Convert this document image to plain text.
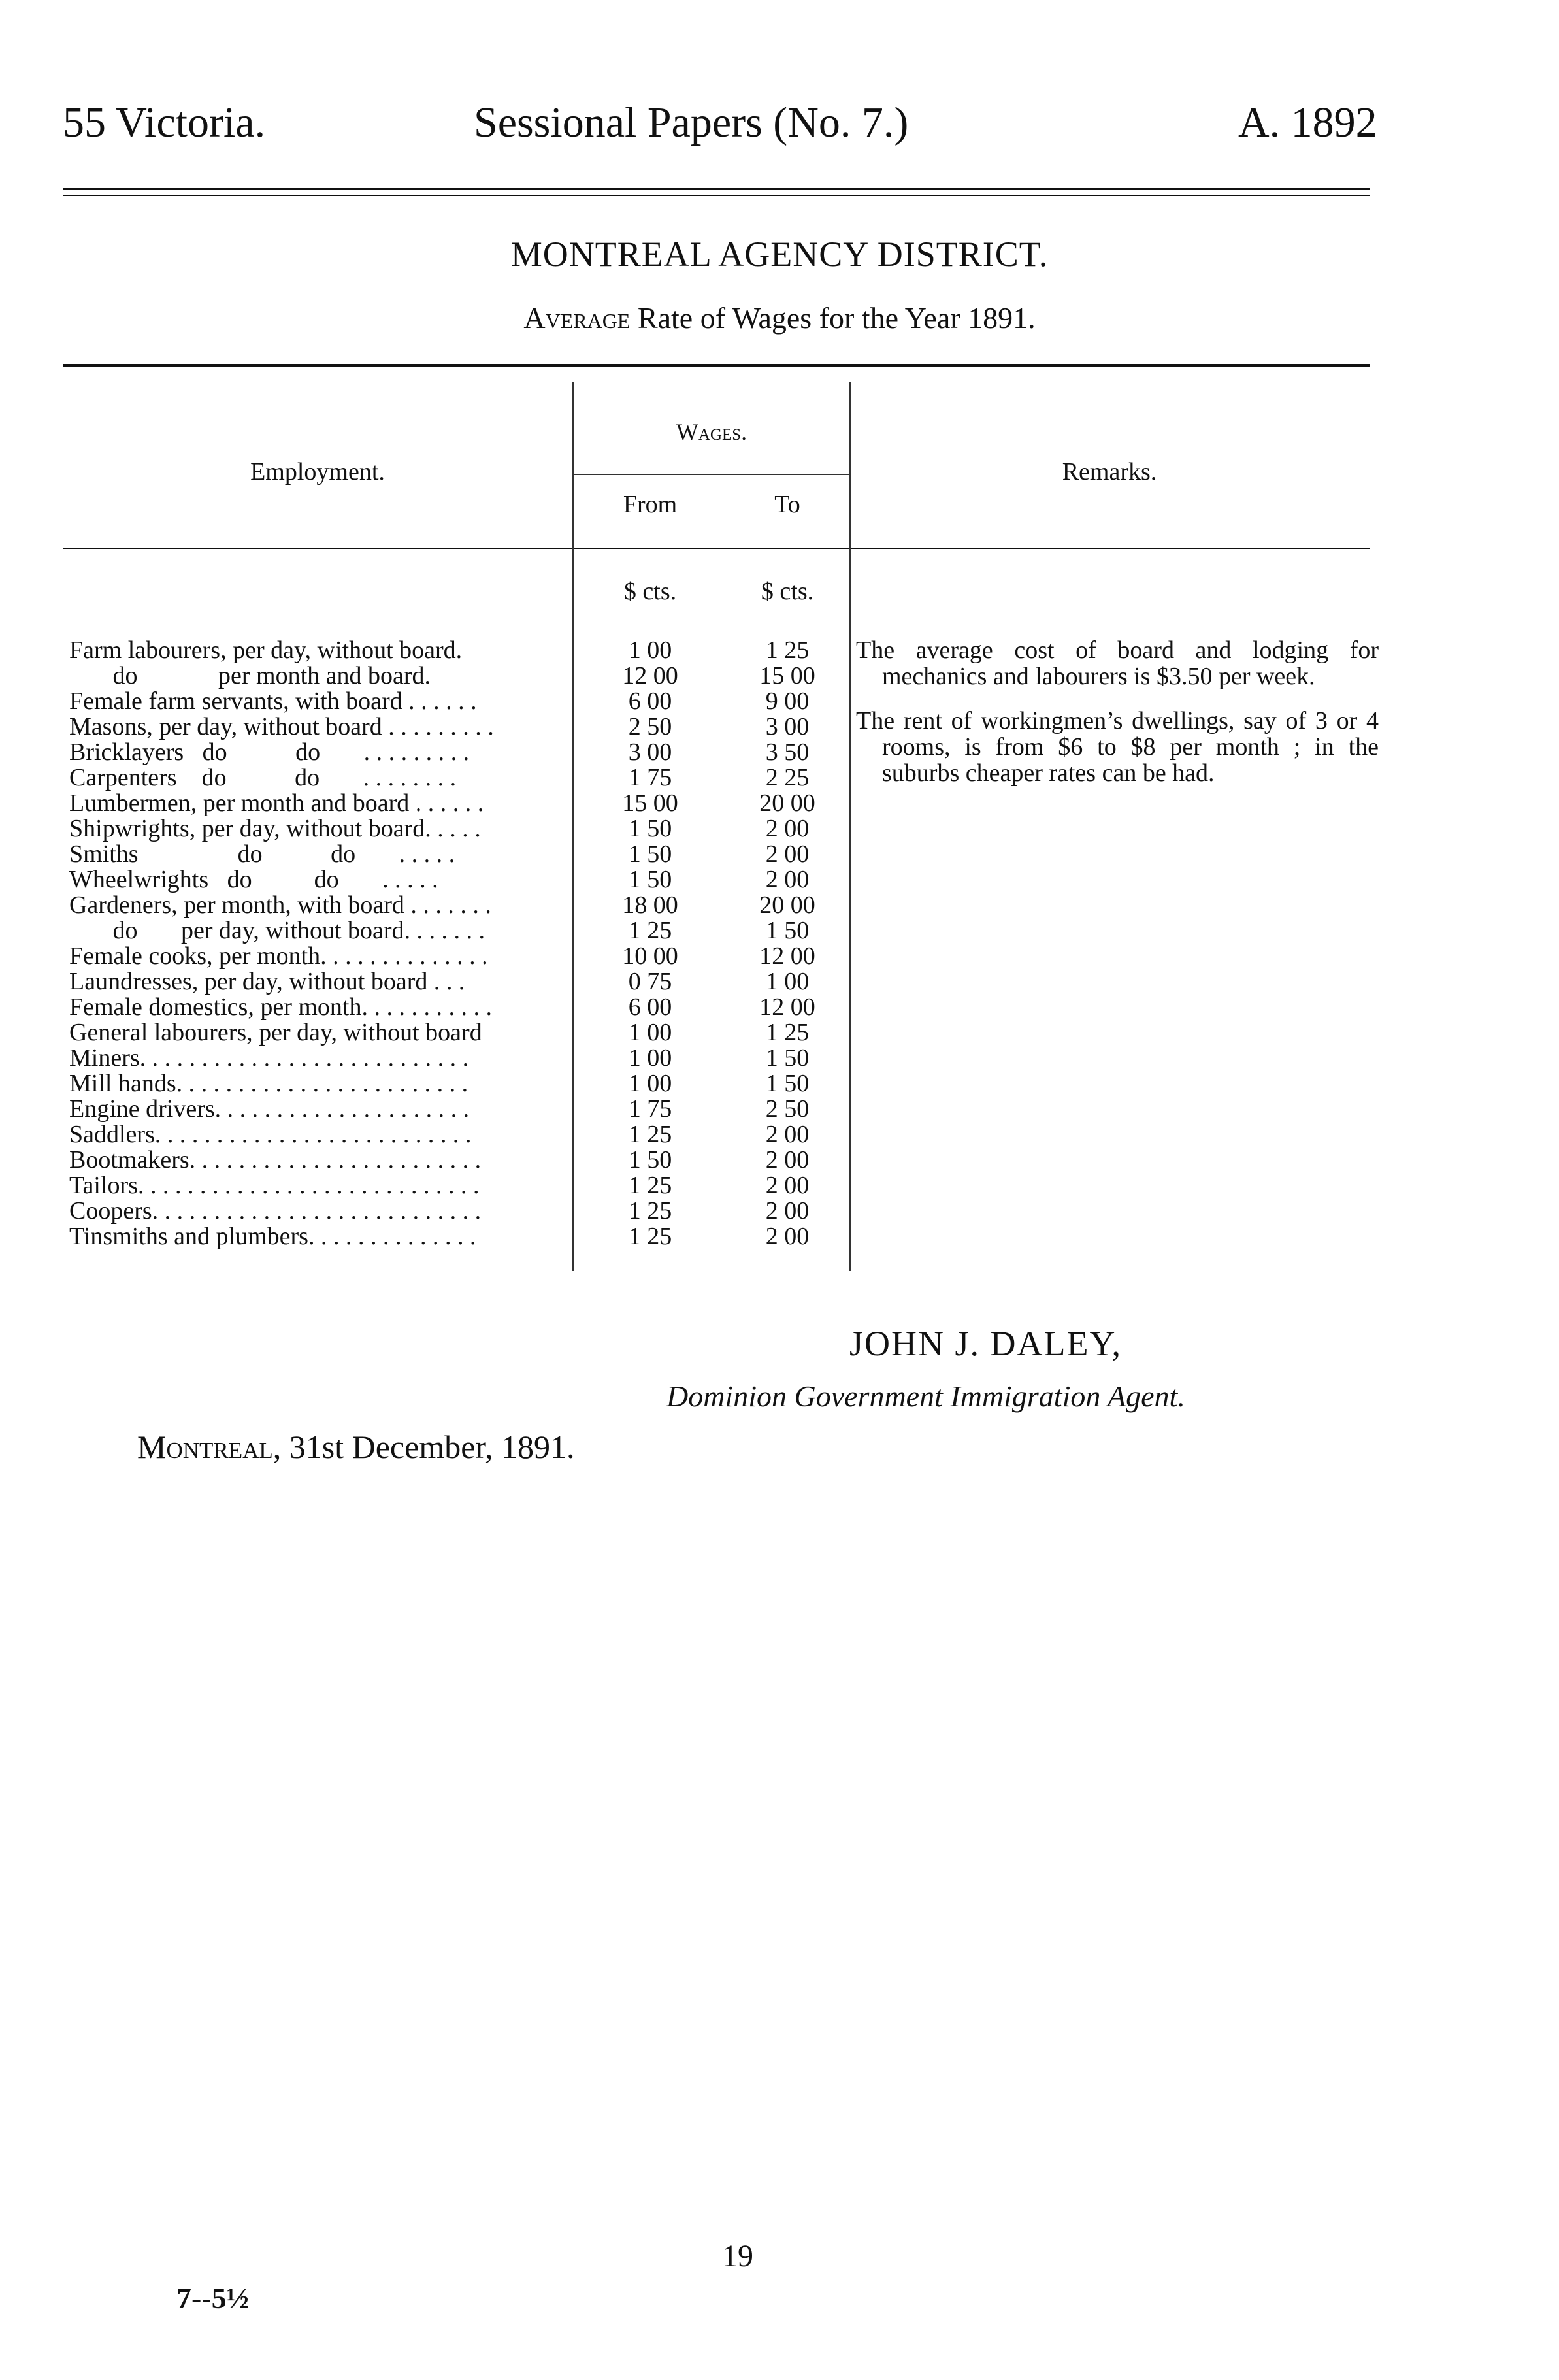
55 Victoria.	Sessional Papers (No. 7.)	A. 1892
MONTREAL AGENCY DISTRICT.
Average Rate of Wages for the Year 1891.
Employment.
Wages.
From	To
Remarks.
$ cts.	$ cts.
Farm labourers, per day, without board.	1 00	1 25
do             per month and board.	12 00	15 00
Female farm servants, with board . . . . . .	6 00	9 00
Masons, per day, without board . . . . . . . . .	2 50	3 00
Bricklayers   do           do       . . . . . . . . .	3 00	3 50
Carpenters    do           do       . . . . . . . .	1 75	2 25
Lumbermen, per month and board . . . . . .	15 00	20 00
Shipwrights, per day, without board. . . . .	1 50	2 00
Smiths                do           do       . . . . .	1 50	2 00
Wheelwrights   do          do       . . . . .	1 50	2 00
Gardeners, per month, with board . . . . . . .	18 00	20 00
do       per day, without board. . . . . . .	1 25	1 50
Female cooks, per month. . . . . . . . . . . . . .	10 00	12 00
Laundresses, per day, without board . . .	0 75	1 00
Female domestics, per month. . . . . . . . . . .	6 00	12 00
General labourers, per day, without board	1 00	1 25
Miners. . . . . . . . . . . . . . . . . . . . . . . . . . .	1 00	1 50
Mill hands. . . . . . . . . . . . . . . . . . . . . . . .	1 00	1 50
Engine drivers. . . . . . . . . . . . . . . . . . . . .	1 75	2 50
Saddlers. . . . . . . . . . . . . . . . . . . . . . . . . .	1 25	2 00
Bootmakers. . . . . . . . . . . . . . . . . . . . . . . .	1 50	2 00
Tailors. . . . . . . . . . . . . . . . . . . . . . . . . . . .	1 25	2 00
Coopers. . . . . . . . . . . . . . . . . . . . . . . . . . .	1 25	2 00
Tinsmiths and plumbers. . . . . . . . . . . . . .	1 25	2 00

The average cost of board and lodging for mechanics and labourers is $3.50 per week.

The rent of workingmen’s dwellings, say of 3 or 4 rooms, is from $6 to $8 per month ; in the suburbs cheaper rates can be had.

JOHN J. DALEY,
Dominion Government Immigration Agent.
Montreal, 31st December, 1891.
19
7--5½
